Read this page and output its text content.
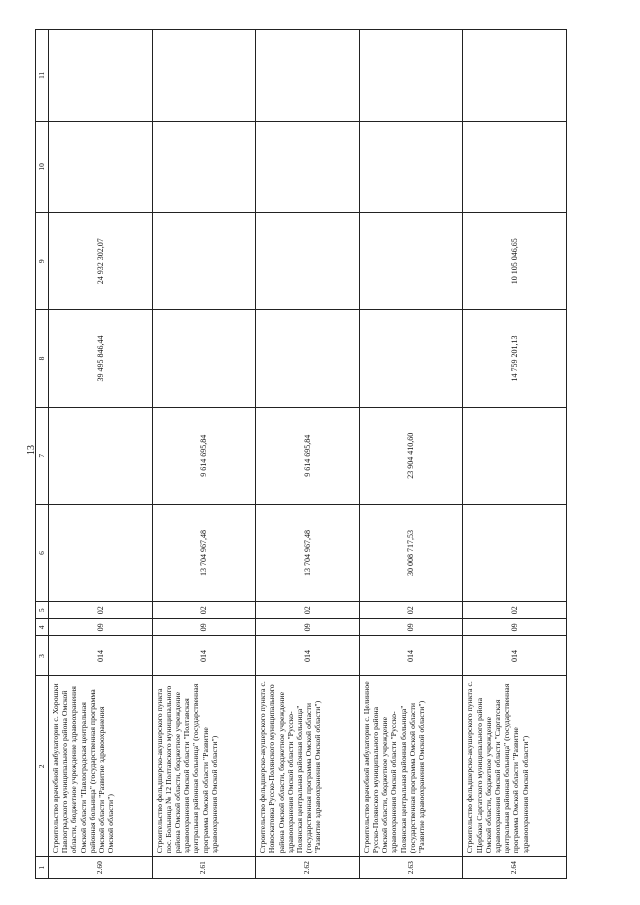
13
1	2	3	4	5	6	7	8	9	10	11
2.60	Строительство врачебной амбулатории с. Хорошки Павлоградского муниципального района Омской области, бюджетное учреждение здравоохранения Омской области "Павлоградская центральная районная больница" (государственная программа Омской области "Развитие здравоохранения Омской области")	014	09	02			39 495 846,44	24 932 302,07		
2.61	Строительство фельдшерско-акушерского пункта пос. Больница № 12 Полтавского муниципального района Омской области, бюджетное учреждение здравоохранения Омской области "Полтавская центральная районная больница" (государственная программа Омской области "Развитие здравоохранения Омской области")	014	09	02	13 704 967,48	9 614 695,84				
2.62	Строительство фельдшерско-акушерского пункта с. Новоскатовка Русско-Полянского муниципального района Омской области, бюджетное учреждение здравоохранения Омской области "Русско-Полянская центральная районная больница" (государственная программа Омской области "Развитие здравоохранения Омской области")	014	09	02	13 704 967,48	9 614 695,84				
2.63	Строительство врачебной амбулатории с. Целинное Русско-Полянского муниципального района Омской области, бюджетное учреждение здравоохранения Омской области "Русско-Полянская центральная районная больница" (государственная программа Омской области "Развитие здравоохранения Омской области")	014	09	02	30 008 717,53	23 904 410,60				
2.64	Строительство фельдшерско-акушерского пункта с. Щербаки Саргатского муниципального района Омской области, бюджетное учреждение здравоохранения Омской области "Саргатская центральная районная больница" (государственная программа Омской области "Развитие здравоохранения Омской области")	014	09	02			14 759 201,13	10 105 046,65		
